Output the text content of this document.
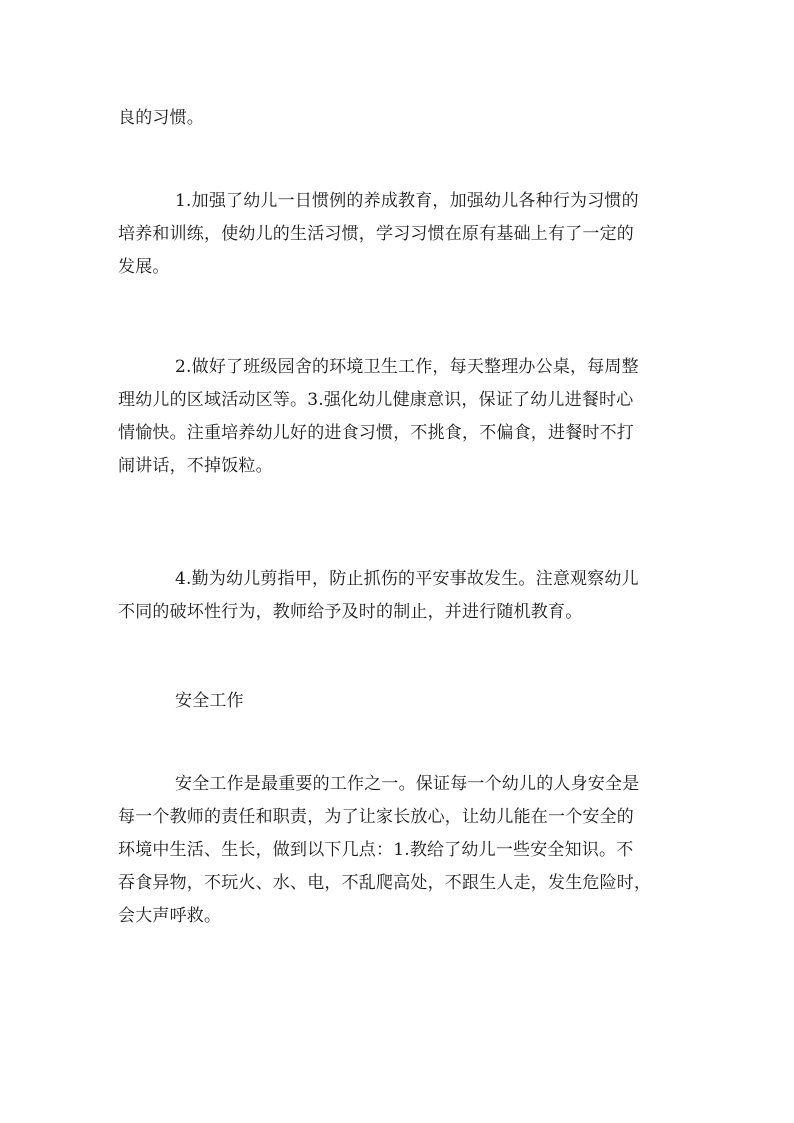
良的习惯。
1.加强了幼儿一日惯例的养成教育，加强幼儿各种行为习惯的
培养和训练，使幼儿的生活习惯，学习习惯在原有基础上有了一定的
发展。
2.做好了班级园舍的环境卫生工作，每天整理办公桌，每周整
理幼儿的区域活动区等。3.强化幼儿健康意识，保证了幼儿进餐时心
情愉快。注重培养幼儿好的进食习惯，不挑食，不偏食，进餐时不打
闹讲话，不掉饭粒。
4.勤为幼儿剪指甲，防止抓伤的平安事故发生。注意观察幼儿
不同的破坏性行为，教师给予及时的制止，并进行随机教育。
安全工作
安全工作是最重要的工作之一。保证每一个幼儿的人身安全是
每一个教师的责任和职责，为了让家长放心，让幼儿能在一个安全的
环境中生活、生长，做到以下几点：1.教给了幼儿一些安全知识。不
吞食异物，不玩火、水、电，不乱爬高处，不跟生人走，发生危险时，
会大声呼救。
